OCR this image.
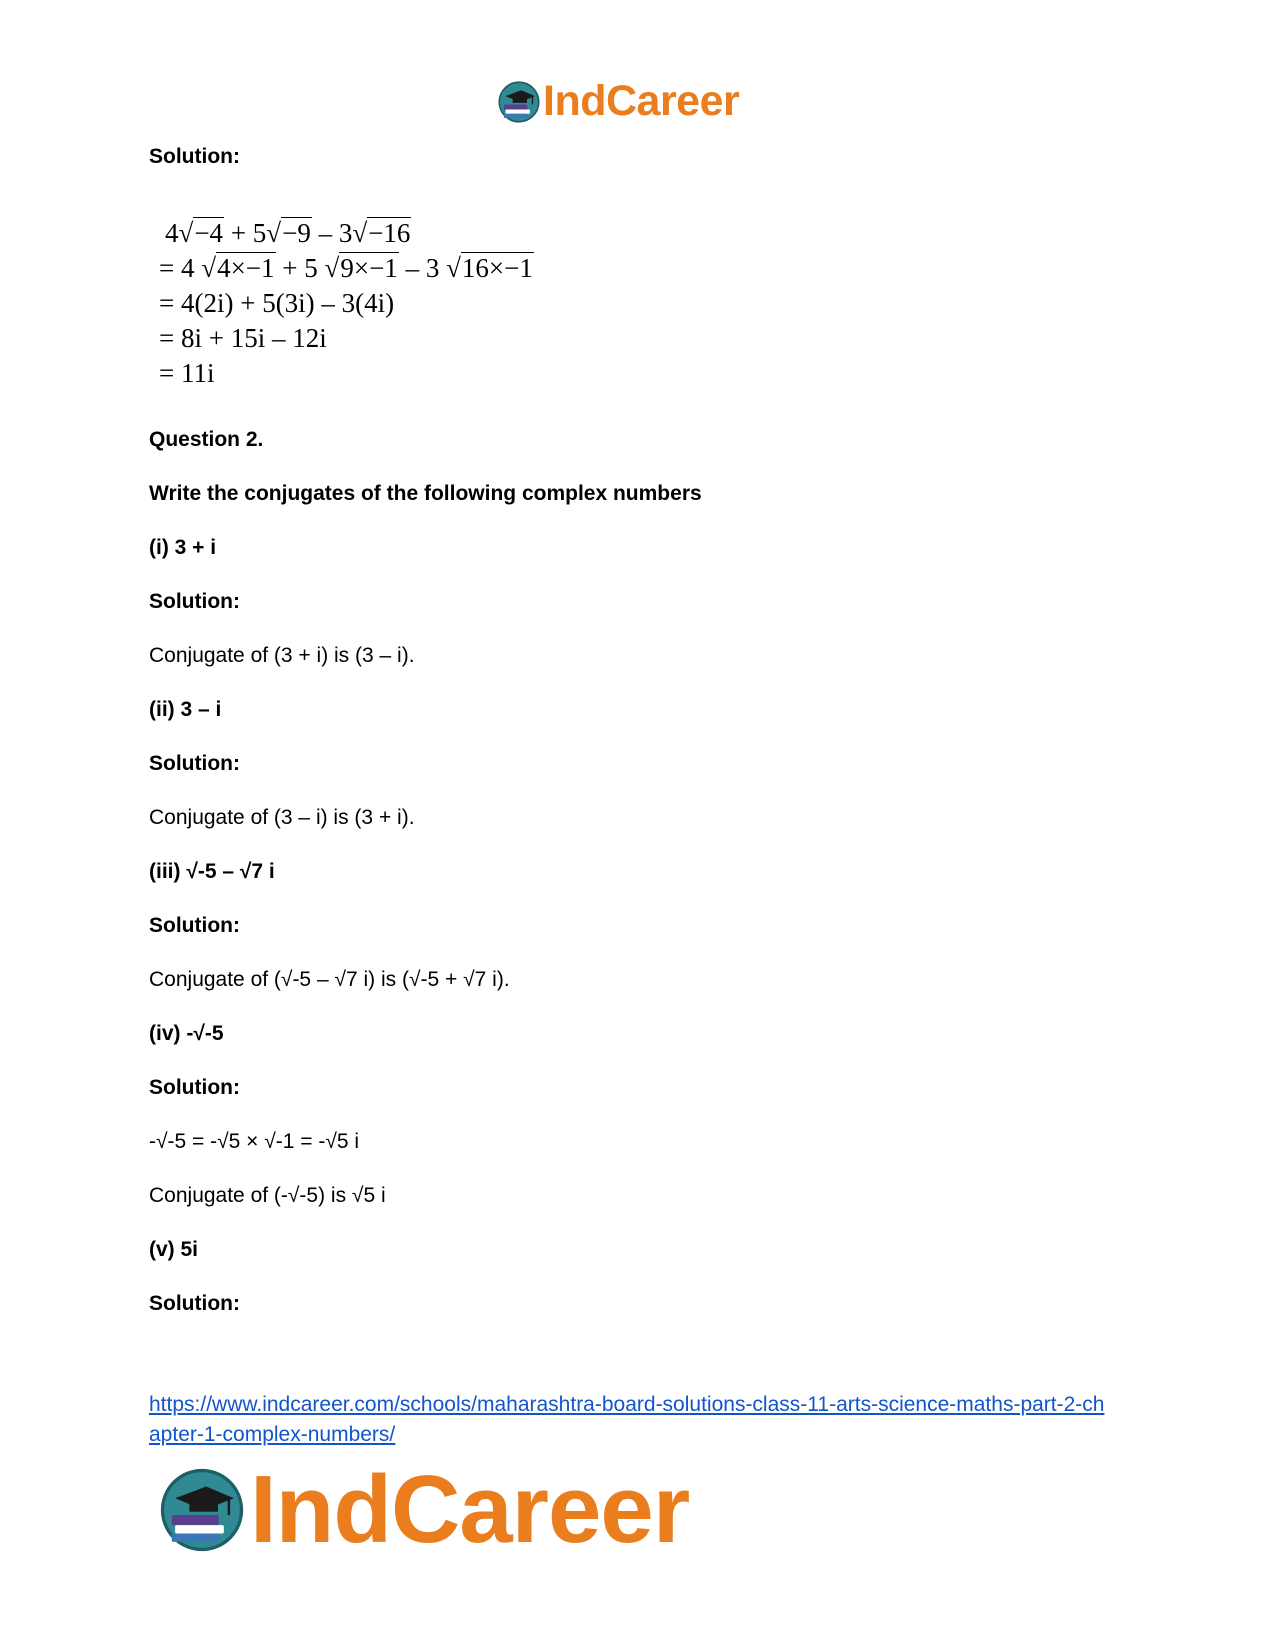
IndCareer
Solution:
4√−4 + 5√−9 – 3√−16
= 4 √4×−1 + 5 √9×−1 – 3 √16×−1
= 4(2i) + 5(3i) – 3(4i)
= 8i + 15i – 12i
= 11i
Question 2.
Write the conjugates of the following complex numbers
(i) 3 + i
Solution:
Conjugate of (3 + i) is (3 – i).
(ii) 3 – i
Solution:
Conjugate of (3 – i) is (3 + i).
(iii) √-5 – √7 i
Solution:
Conjugate of (√-5 – √7 i) is (√-5 + √7 i).
(iv) -√-5
Solution:
-√-5 = -√5 × √-1 = -√5 i
Conjugate of (-√-5) is √5 i
(v) 5i
Solution:
https://www.indcareer.com/schools/maharashtra-board-solutions-class-11-arts-science-maths-part-2-chapter-1-complex-numbers/
IndCareer
